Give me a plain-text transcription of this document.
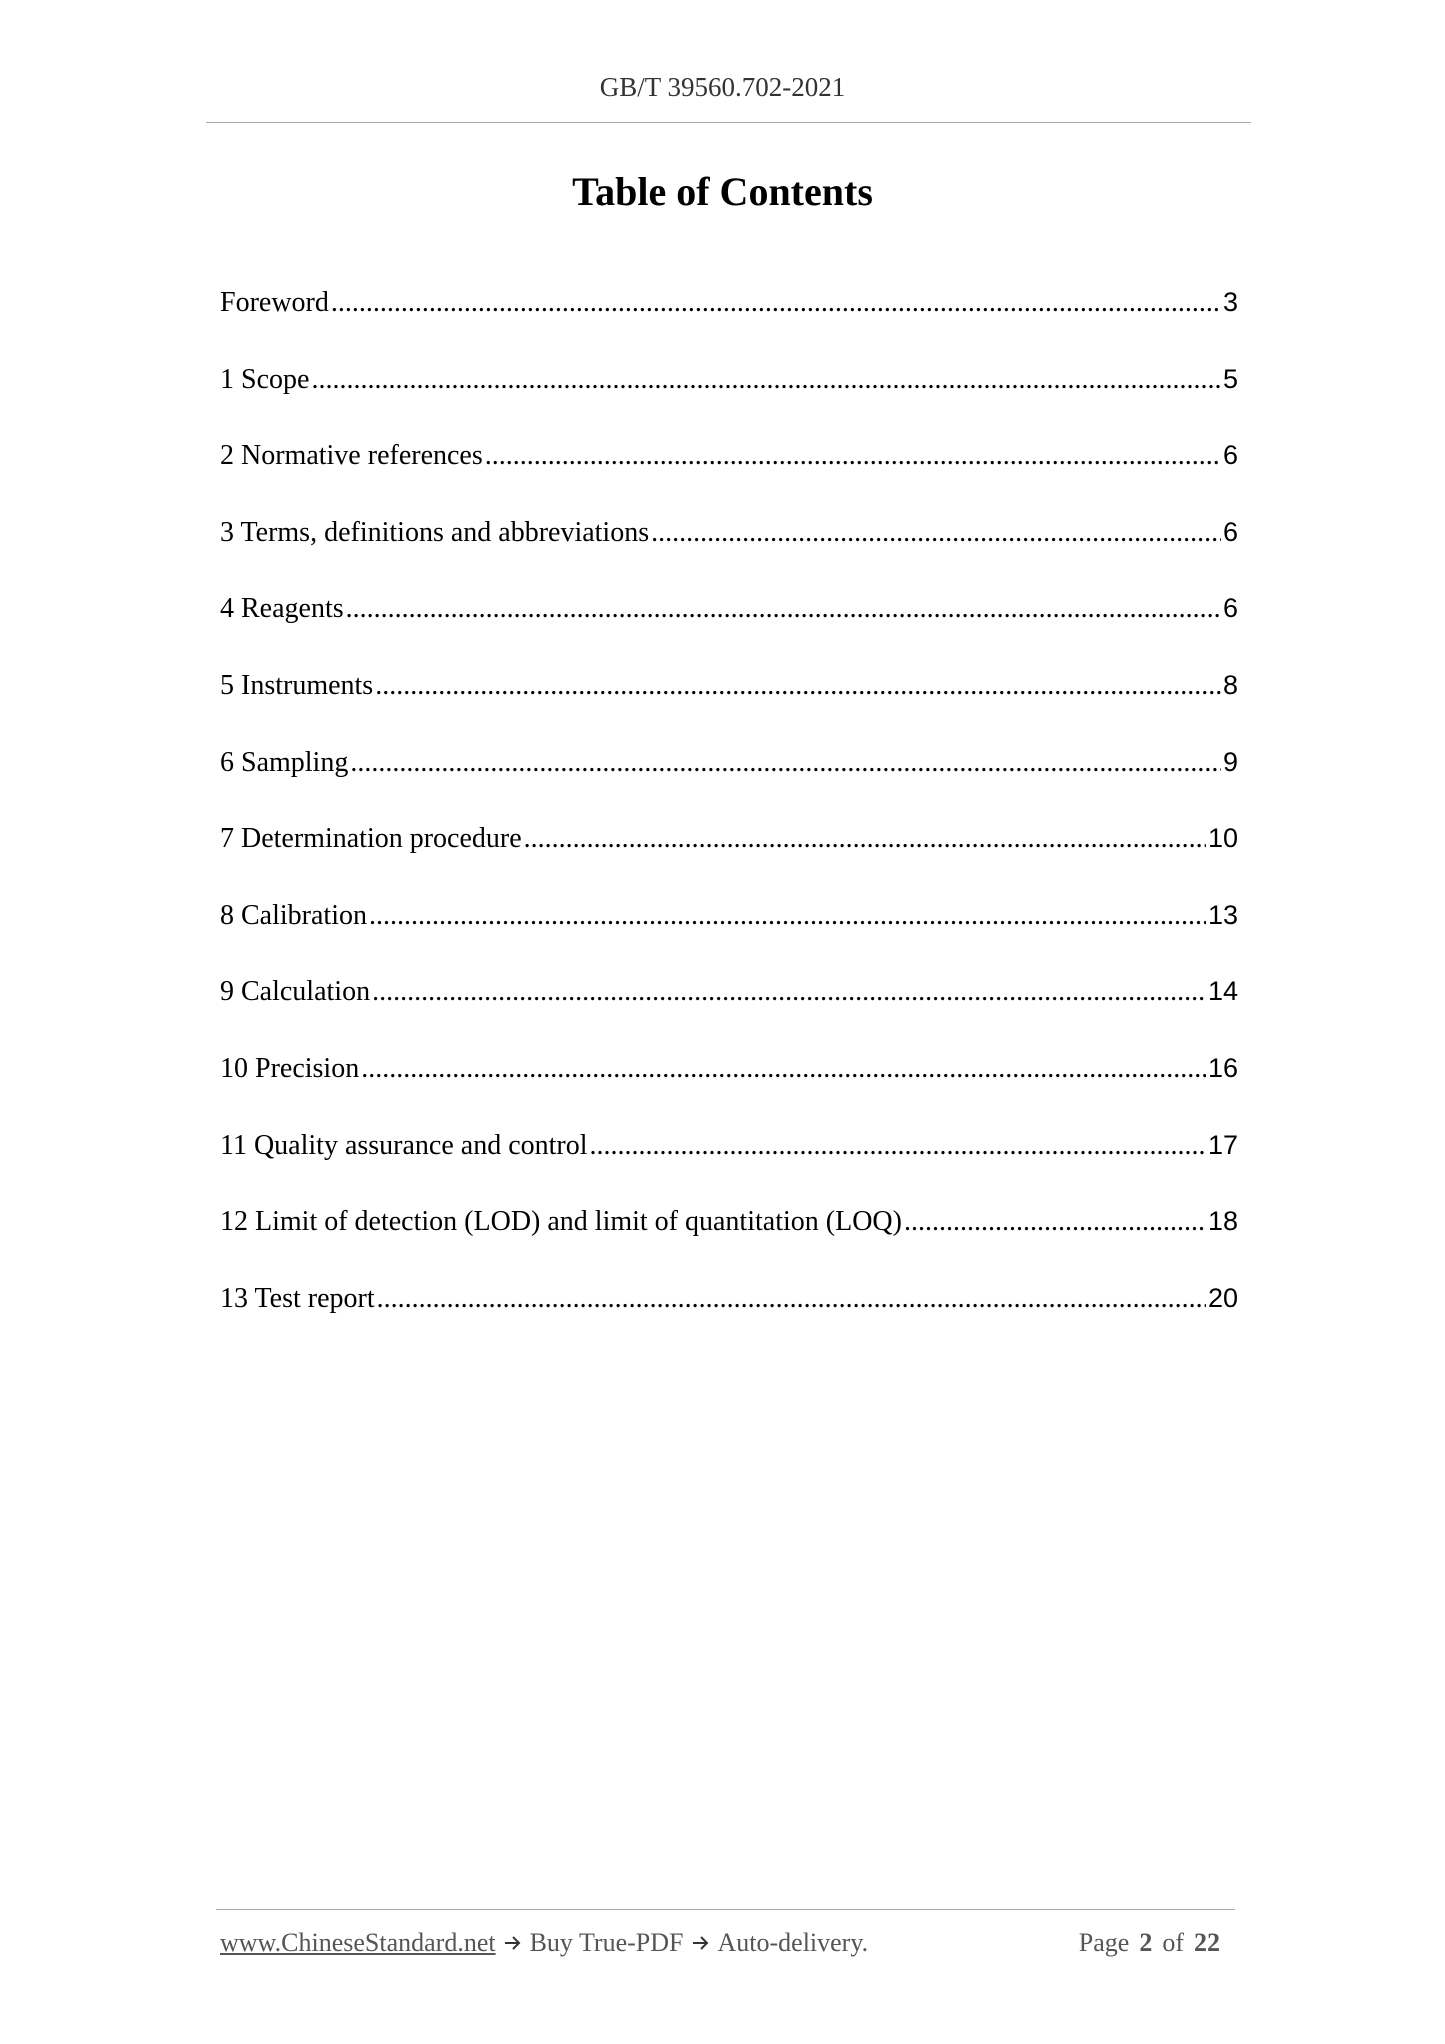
GB/T 39560.702-2021
Table of Contents
Foreword .....	3
1 Scope .....	5
2 Normative references .....	6
3 Terms, definitions and abbreviations .....	6
4 Reagents .....	6
5 Instruments .....	8
6 Sampling .....	9
7 Determination procedure .....	10
8 Calibration .....	13
9 Calculation .....	14
10 Precision .....	16
11 Quality assurance and control .....	17
12 Limit of detection (LOD) and limit of quantitation (LOQ) .....	18
13 Test report .....	20
www.ChineseStandard.net Buy True-PDF Auto-delivery.	Page 2 of 22
